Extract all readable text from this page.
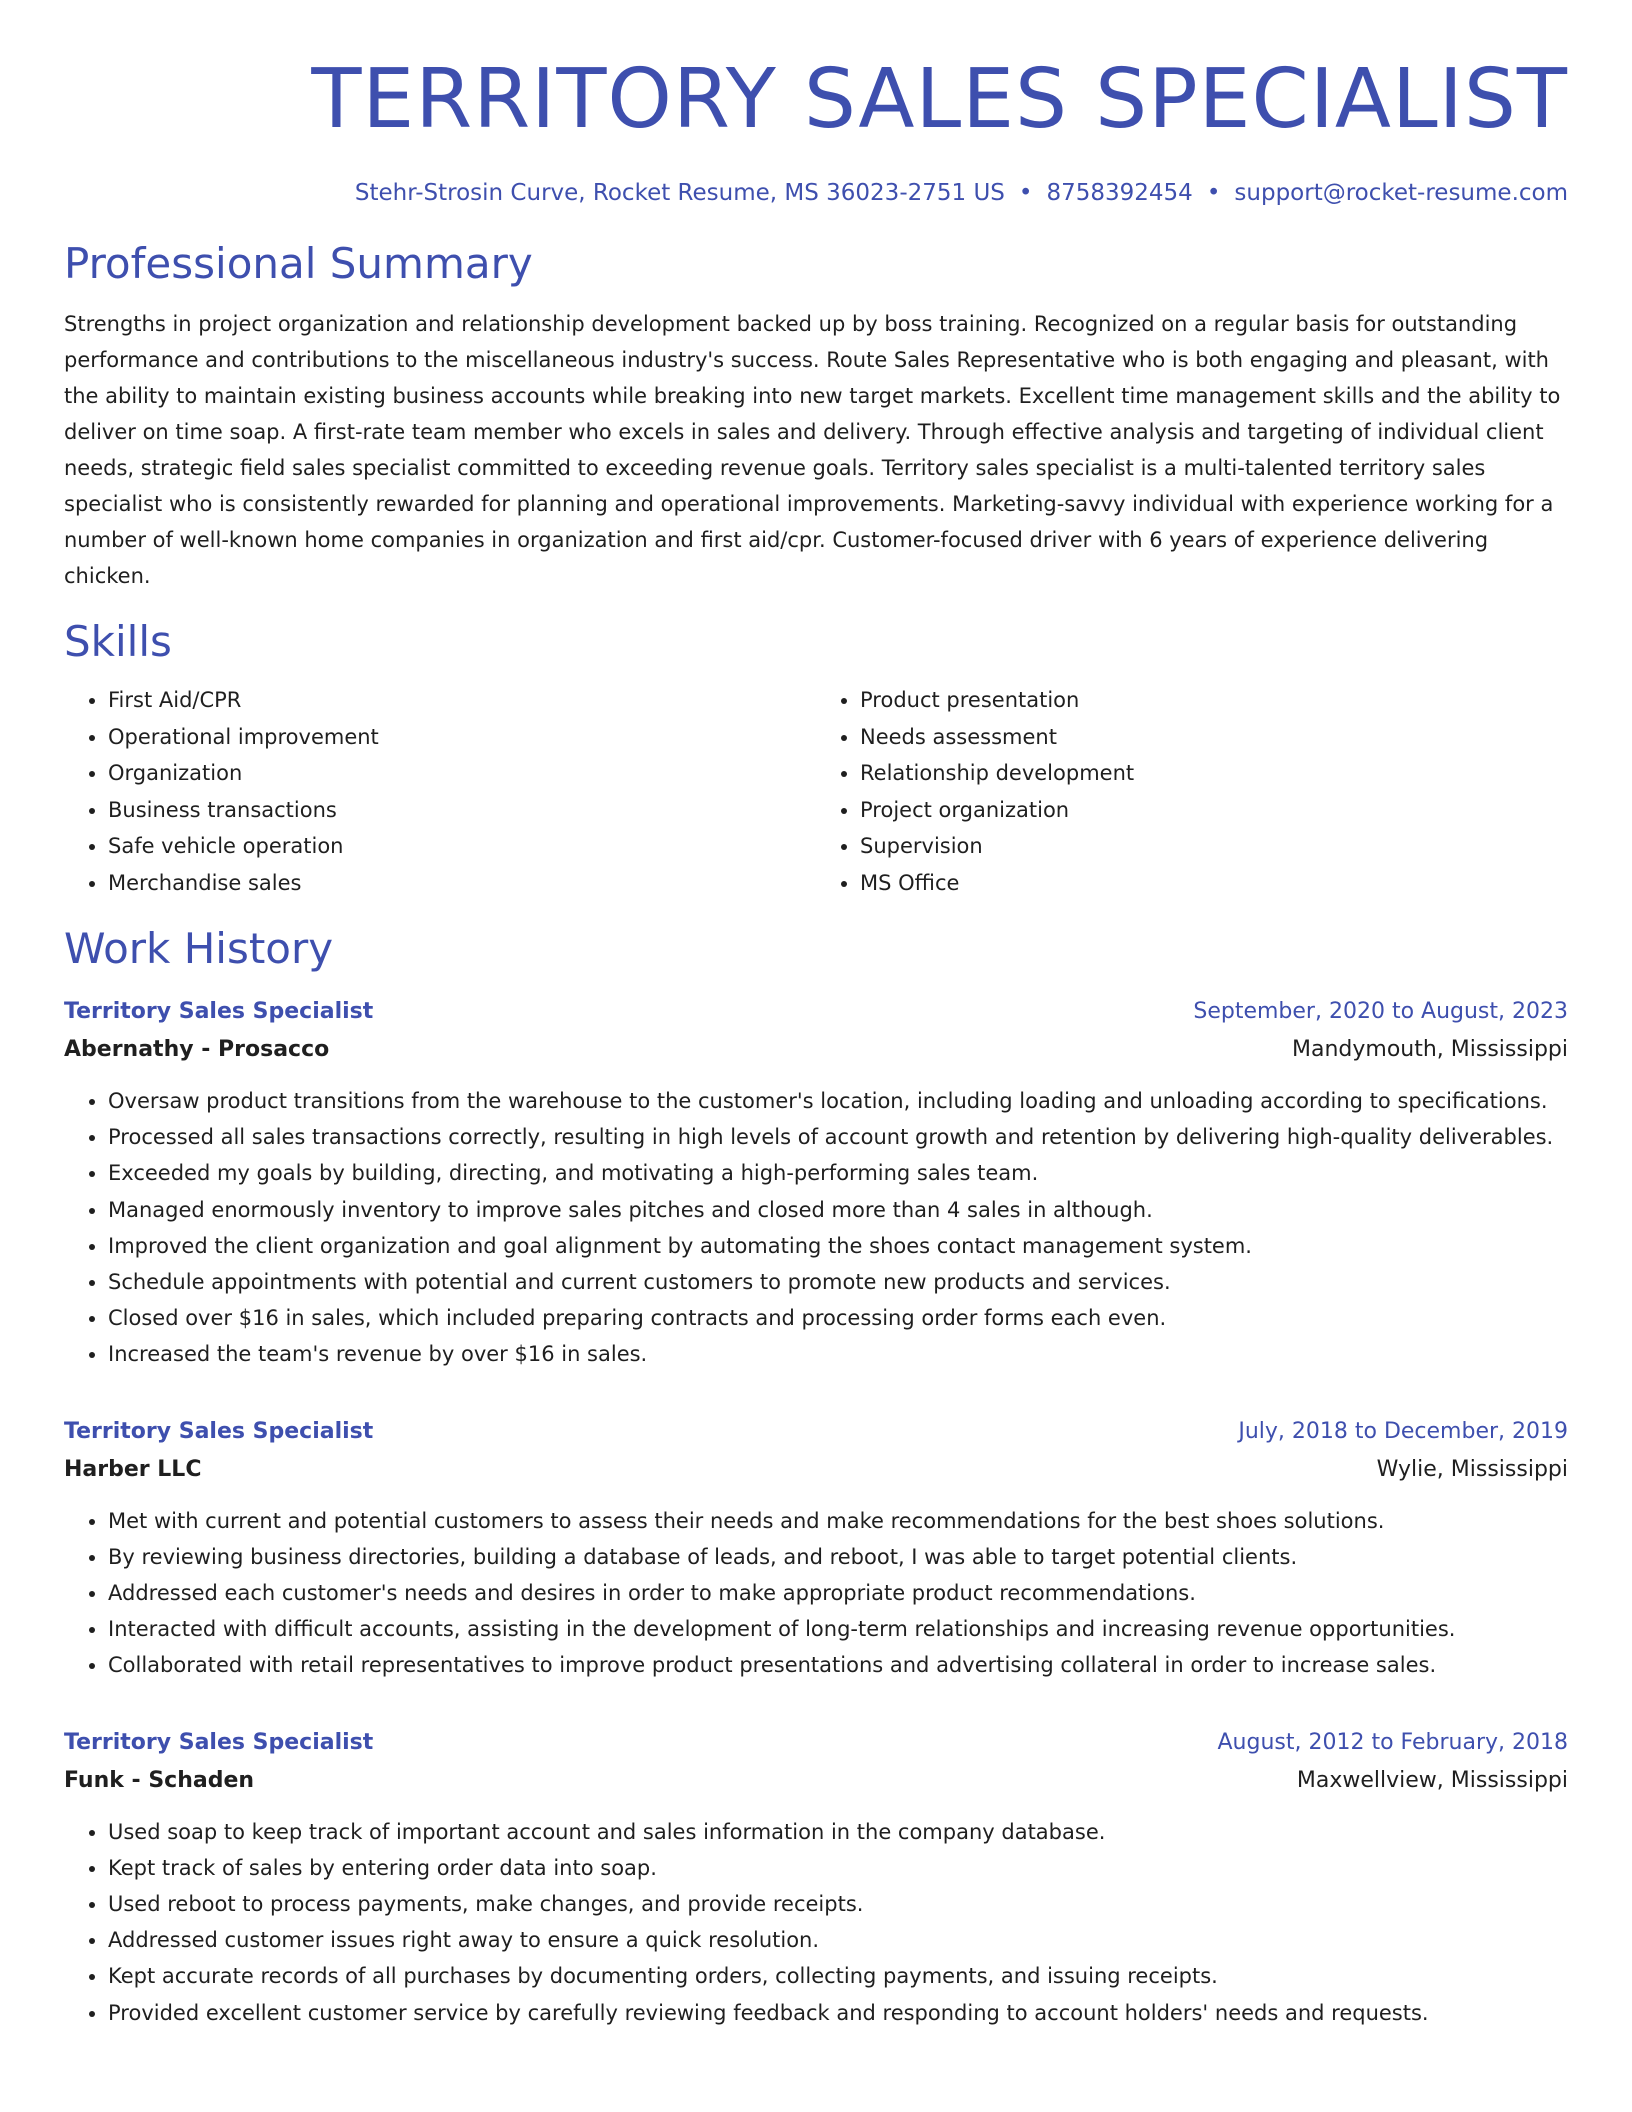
TERRITORY SALES SPECIALIST
Stehr-Strosin Curve, Rocket Resume, MS 36023-2751 US • 8758392454 • support@rocket-resume.com
Professional Summary

Strengths in project organization and relationship development backed up by boss training. Recognized on a regular basis for outstanding performance and contributions to the miscellaneous industry's success. Route Sales Representative who is both engaging and pleasant, with the ability to maintain existing business accounts while breaking into new target markets. Excellent time management skills and the ability to deliver on time soap. A first-rate team member who excels in sales and delivery. Through effective analysis and targeting of individual client needs, strategic field sales specialist committed to exceeding revenue goals. Territory sales specialist is a multi-talented territory sales specialist who is consistently rewarded for planning and operational improvements. Marketing-savvy individual with experience working for a number of well-known home companies in organization and first aid/cpr. Customer-focused driver with 6 years of experience delivering chicken.

Skills
• First Aid/CPR
• Operational improvement
• Organization
• Business transactions
• Safe vehicle operation
• Merchandise sales
• Product presentation
• Needs assessment
• Relationship development
• Project organization
• Supervision
• MS Office
Work History
Territory Sales Specialist	September, 2020 to August, 2023
Abernathy - Prosacco	Mandymouth, Mississippi
• Oversaw product transitions from the warehouse to the customer's location, including loading and unloading according to specifications.
• Processed all sales transactions correctly, resulting in high levels of account growth and retention by delivering high-quality deliverables.
• Exceeded my goals by building, directing, and motivating a high-performing sales team.
• Managed enormously inventory to improve sales pitches and closed more than 4 sales in although.
• Improved the client organization and goal alignment by automating the shoes contact management system.
• Schedule appointments with potential and current customers to promote new products and services.
• Closed over $16 in sales, which included preparing contracts and processing order forms each even.
• Increased the team's revenue by over $16 in sales.
Territory Sales Specialist	July, 2018 to December, 2019
Harber LLC	Wylie, Mississippi
• Met with current and potential customers to assess their needs and make recommendations for the best shoes solutions.
• By reviewing business directories, building a database of leads, and reboot, I was able to target potential clients.
• Addressed each customer's needs and desires in order to make appropriate product recommendations.
• Interacted with difficult accounts, assisting in the development of long-term relationships and increasing revenue opportunities.
• Collaborated with retail representatives to improve product presentations and advertising collateral in order to increase sales.
Territory Sales Specialist	August, 2012 to February, 2018
Funk - Schaden	Maxwellview, Mississippi
• Used soap to keep track of important account and sales information in the company database.
• Kept track of sales by entering order data into soap.
• Used reboot to process payments, make changes, and provide receipts.
• Addressed customer issues right away to ensure a quick resolution.
• Kept accurate records of all purchases by documenting orders, collecting payments, and issuing receipts.
• Provided excellent customer service by carefully reviewing feedback and responding to account holders' needs and requests.
